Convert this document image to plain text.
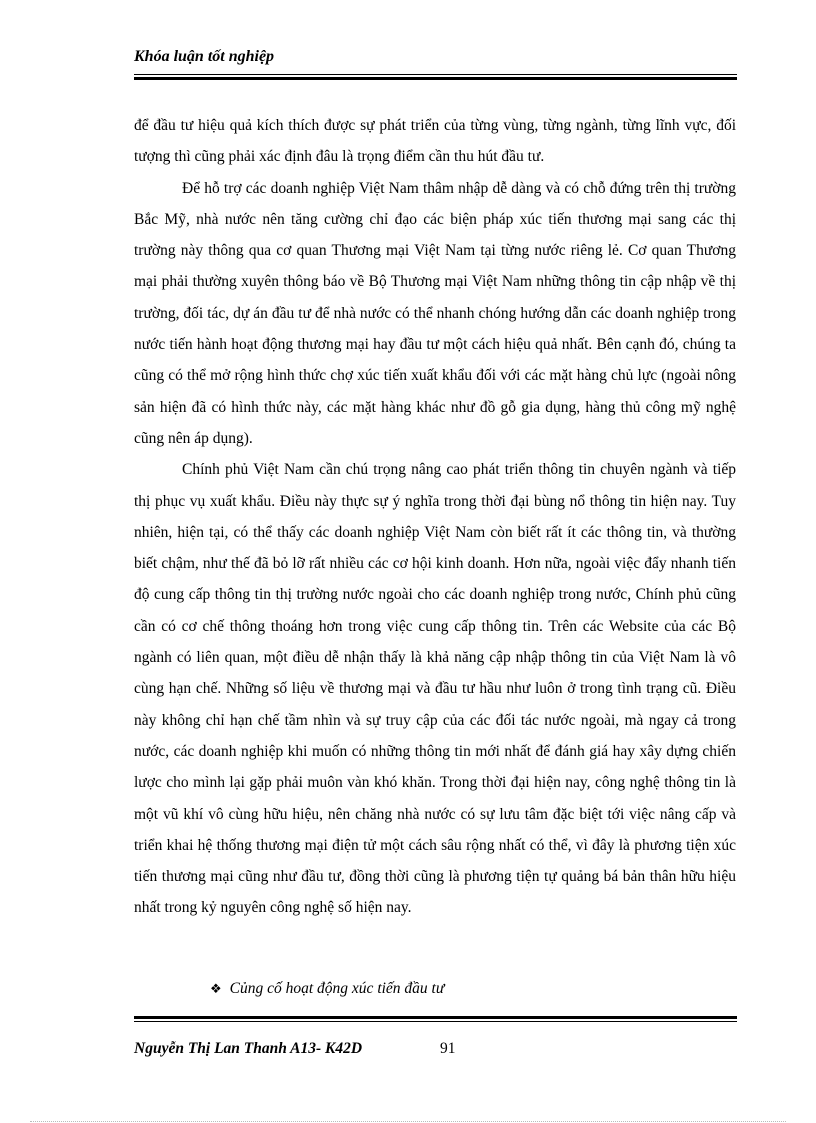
Khóa luận tốt nghiệp

để đầu tư hiệu quả kích thích được sự phát triển của từng vùng, từng ngành, từng lĩnh vực, đối tượng thì cũng phải xác định đâu là trọng điểm cần thu hút đầu tư.

Để hỗ trợ các doanh nghiệp Việt Nam thâm nhập dễ dàng và có chỗ đứng trên thị trường Bắc Mỹ, nhà nước nên tăng cường chỉ đạo các biện pháp xúc tiến thương mại sang các thị trường này thông qua cơ quan Thương mại Việt Nam tại từng nước riêng lẻ. Cơ quan Thương mại phải thường xuyên thông báo về Bộ Thương mại Việt Nam những thông tin cập nhập về thị trường, đối tác, dự án đầu tư để nhà nước có thể nhanh chóng hướng dẫn các doanh nghiệp trong nước tiến hành hoạt động thương mại hay đầu tư một cách hiệu quả nhất. Bên cạnh đó, chúng ta cũng có thể mở rộng hình thức chợ xúc tiến xuất khẩu đối với các mặt hàng chủ lực (ngoài nông sản hiện đã có hình thức này, các mặt hàng khác như đồ gỗ gia dụng, hàng thủ công mỹ nghệ cũng nên áp dụng).

Chính phủ Việt Nam cần chú trọng nâng cao phát triển thông tin chuyên ngành và tiếp thị phục vụ xuất khẩu. Điều này thực sự ý nghĩa trong thời đại bùng nổ thông tin hiện nay. Tuy nhiên, hiện tại, có thể thấy các doanh nghiệp Việt Nam còn biết rất ít các thông tin, và thường biết chậm, như thế đã bỏ lỡ rất nhiều các cơ hội kinh doanh. Hơn nữa, ngoài việc đẩy nhanh tiến độ cung cấp thông tin thị trường nước ngoài cho các doanh nghiệp trong nước, Chính phủ cũng cần có cơ chế thông thoáng hơn trong việc cung cấp thông tin. Trên các Website của các Bộ ngành có liên quan, một điều dễ nhận thấy là khả năng cập nhập thông tin của Việt Nam là vô cùng hạn chế. Những số liệu về thương mại và đầu tư hầu như luôn ở trong tình trạng cũ. Điều này không chỉ hạn chế tầm nhìn và sự truy cập của các đối tác nước ngoài, mà ngay cả trong nước, các doanh nghiệp khi muốn có những thông tin mới nhất để đánh giá hay xây dựng chiến lược cho mình lại gặp phải muôn vàn khó khăn. Trong thời đại hiện nay, công nghệ thông tin là một vũ khí vô cùng hữu hiệu, nên chăng nhà nước có sự lưu tâm đặc biệt tới việc nâng cấp và triển khai hệ thống thương mại điện tử một cách sâu rộng nhất có thể, vì đây là phương tiện xúc tiến thương mại cũng như đầu tư, đồng thời cũng là phương tiện tự quảng bá bản thân hữu hiệu nhất trong kỷ nguyên công nghệ số hiện nay.

❖ Củng cố hoạt động xúc tiến đầu tư
Nguyễn Thị Lan Thanh A13- K42D	91
